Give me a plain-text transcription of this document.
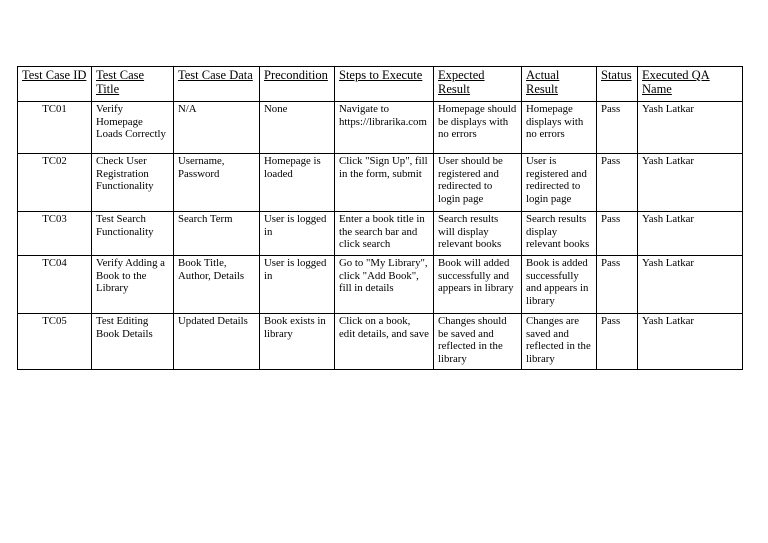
Test Case ID	Test Case Title	Test Case Data	Precondition	Steps to Execute	Expected Result	Actual Result	Status	Executed QA Name
TC01	Verify Homepage Loads Correctly	N/A	None	Navigate to https://librarika.com	Homepage should be displays with no errors	Homepage displays with no errors	Pass	Yash Latkar
TC02	Check User Registration Functionality	Username, Password	Homepage is loaded	Click "Sign Up", fill in the form, submit	User should be registered and redirected to login page	User is registered and redirected to login page	Pass	Yash Latkar
TC03	Test Search Functionality	Search Term	User is logged in	Enter a book title in the search bar and click search	Search results will display relevant books	Search results display relevant books	Pass	Yash Latkar
TC04	Verify Adding a Book to the Library	Book Title, Author, Details	User is logged in	Go to "My Library", click "Add Book", fill in details	Book will added successfully and appears in library	Book is added successfully and appears in library	Pass	Yash Latkar
TC05	Test Editing Book Details	Updated Details	Book exists in library	Click on a book, edit details, and save	Changes should be saved and reflected in the library	Changes are saved and reflected in the library	Pass	Yash Latkar
